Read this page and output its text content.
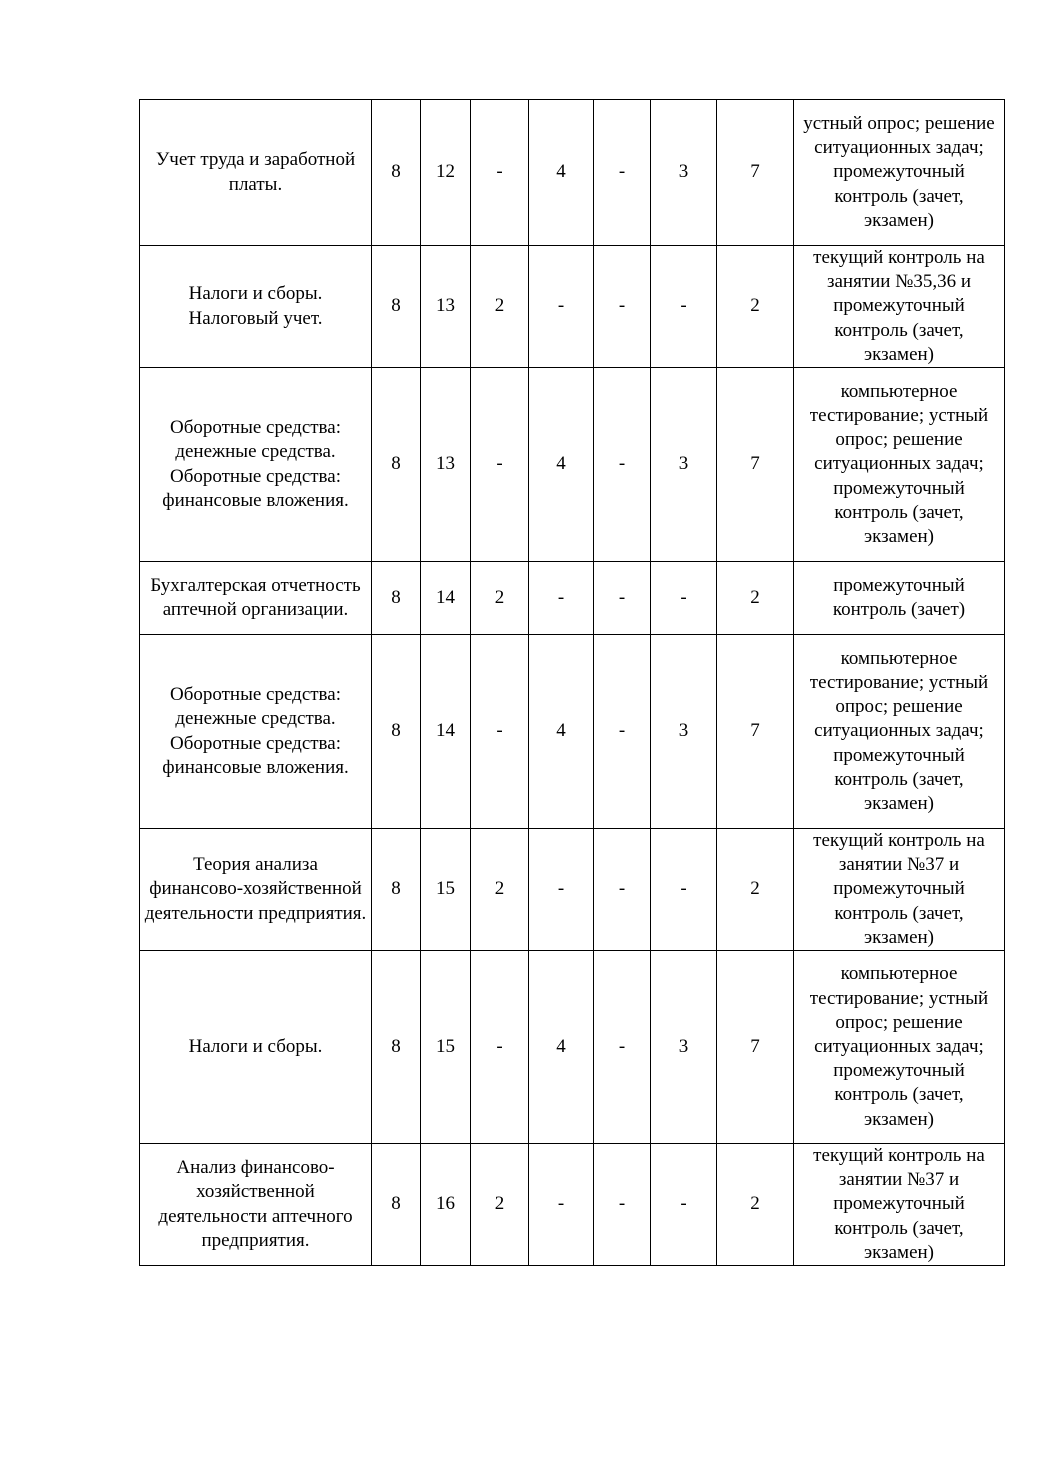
Учет труда и заработной платы.	8	12	-	4	-	3	7	устный опрос; решение ситуационных задач; промежуточный контроль (зачет, экзамен)
Налоги и сборы. Налоговый учет.	8	13	2	-	-	-	2	текущий контроль на занятии №35,36 и промежуточный контроль (зачет, экзамен)
Оборотные средства: денежные средства. Оборотные средства: финансовые вложения.	8	13	-	4	-	3	7	компьютерное тестирование; устный опрос; решение ситуационных задач; промежуточный контроль (зачет, экзамен)
Бухгалтерская отчетность аптечной организации.	8	14	2	-	-	-	2	промежуточный контроль (зачет)
Оборотные средства: денежные средства. Оборотные средства: финансовые вложения.	8	14	-	4	-	3	7	компьютерное тестирование; устный опрос; решение ситуационных задач; промежуточный контроль (зачет, экзамен)
Теория анализа финансово-хозяйственной деятельности предприятия.	8	15	2	-	-	-	2	текущий контроль на занятии №37 и промежуточный контроль (зачет, экзамен)
Налоги и сборы.	8	15	-	4	-	3	7	компьютерное тестирование; устный опрос; решение ситуационных задач; промежуточный контроль (зачет, экзамен)
Анализ финансово-хозяйственной деятельности аптечного предприятия.	8	16	2	-	-	-	2	текущий контроль на занятии №37 и промежуточный контроль (зачет, экзамен)
